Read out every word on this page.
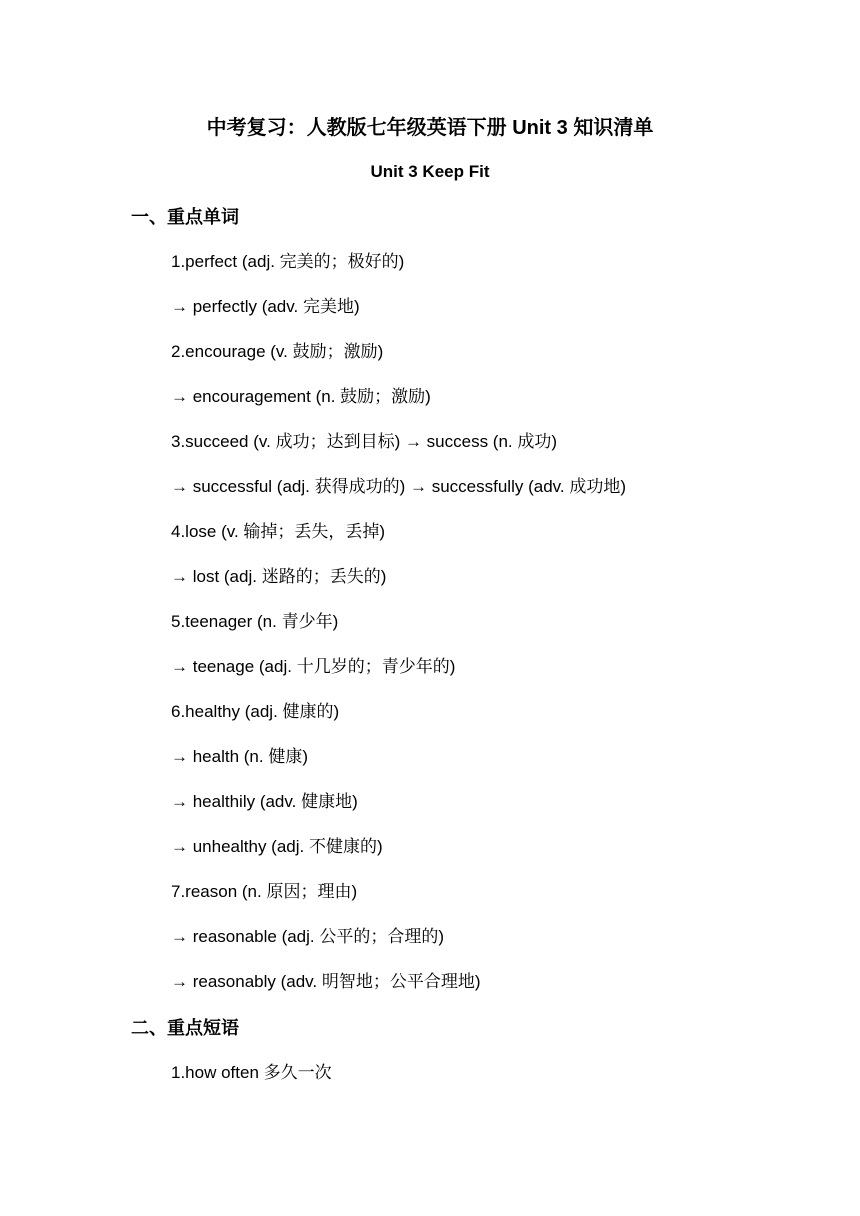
中考复习：人教版七年级英语下册 Unit 3 知识清单
Unit 3 Keep Fit
一、重点单词
1.perfect (adj. 完美的；极好的)
→ perfectly (adv. 完美地)
2.encourage (v. 鼓励；激励)
→ encouragement (n. 鼓励；激励)
3.succeed (v. 成功；达到目标) → success (n. 成功)
→ successful (adj. 获得成功的) → successfully (adv. 成功地)
4.lose (v. 输掉；丢失，丢掉)
→ lost (adj. 迷路的；丢失的)
5.teenager (n. 青少年)
→ teenage (adj. 十几岁的；青少年的)
6.healthy (adj. 健康的)
→ health (n. 健康)
→ healthily (adv. 健康地)
→ unhealthy (adj. 不健康的)
7.reason (n. 原因；理由)
→ reasonable (adj. 公平的；合理的)
→ reasonably (adv. 明智地；公平合理地)
二、重点短语
1.how often 多久一次
